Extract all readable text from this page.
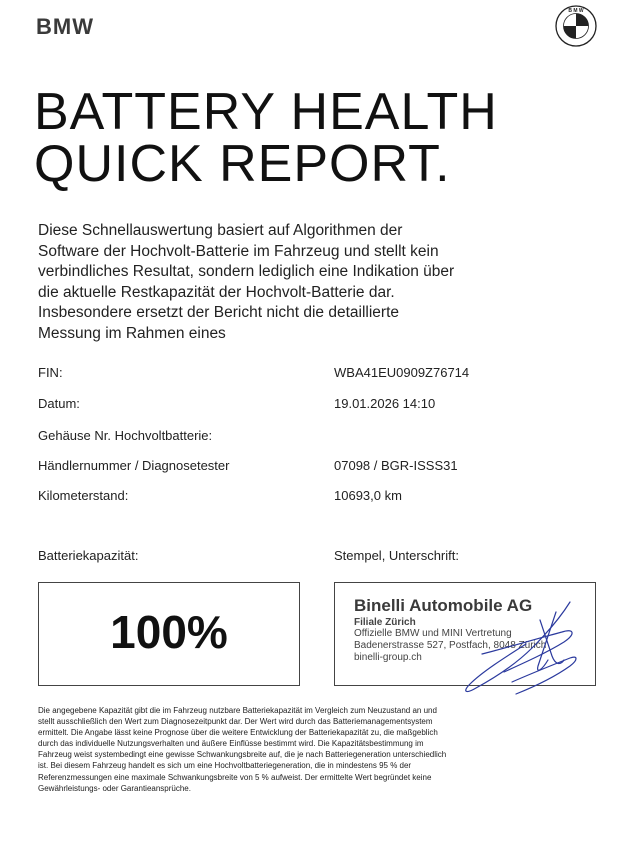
BMW
B M W
BATTERY HEALTH
QUICK REPORT.

Diese Schnellauswertung basiert auf Algorithmen der Software der Hochvolt-Batterie im Fahrzeug und stellt kein verbindliches Resultat, sondern lediglich eine Indikation über die aktuelle Restkapazität der Hochvolt-Batterie dar. Insbesondere ersetzt der Bericht nicht die detaillierte Messung im Rahmen eines

FIN:	WBA41EU0909Z76714
Datum:	19.01.2026 14:10
Gehäuse Nr. Hochvoltbatterie:
Händlernummer / Diagnosetester	07098 / BGR-ISSS31
Kilometerstand:	10693,0 km
Batteriekapazität:	Stempel, Unterschrift:
100%
Binelli Automobile AG
Filiale Zürich
Offizielle BMW und MINI Vertretung
Badenerstrasse 527, Postfach, 8048 Zürich
binelli-group.ch

Die angegebene Kapazität gibt die im Fahrzeug nutzbare Batteriekapazität im Vergleich zum Neuzustand an und stellt ausschließlich den Wert zum Diagnosezeitpunkt dar. Der Wert wird durch das Batteriemanagementsystem ermittelt. Die Angabe lässt keine Prognose über die weitere Entwicklung der Batteriekapazität zu, die maßgeblich durch das individuelle Nutzungsverhalten und äußere Einflüsse bestimmt wird. Die Kapazitätsbestimmung im Fahrzeug weist systembedingt eine gewisse Schwankungsbreite auf, die je nach Batteriegeneration unterschiedlich ist. Bei diesem Fahrzeug handelt es sich um eine Hochvoltbatteriegeneration, die in mindestens 95 % der Referenzmessungen eine maximale Schwankungsbreite von 5 % aufweist. Der ermittelte Wert begründet keine Gewährleistungs- oder Garantieansprüche.
